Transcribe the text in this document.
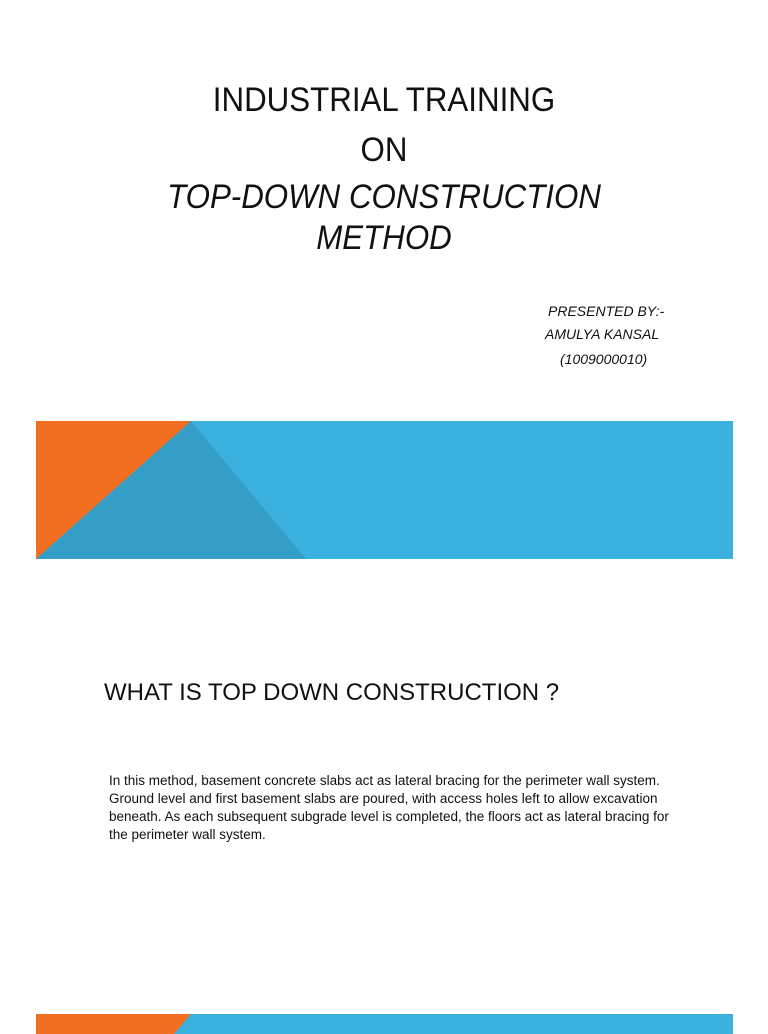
INDUSTRIAL TRAINING
ON
TOP-DOWN CONSTRUCTION
METHOD
PRESENTED BY:-
AMULYA KANSAL
(1009000010)
WHAT IS TOP DOWN CONSTRUCTION ?
In this method, basement concrete slabs act as lateral bracing for the perimeter wall system. Ground level and first basement slabs are poured, with access holes left to allow excavation beneath. As each subsequent subgrade level is completed, the floors act as lateral bracing for the perimeter wall system.
